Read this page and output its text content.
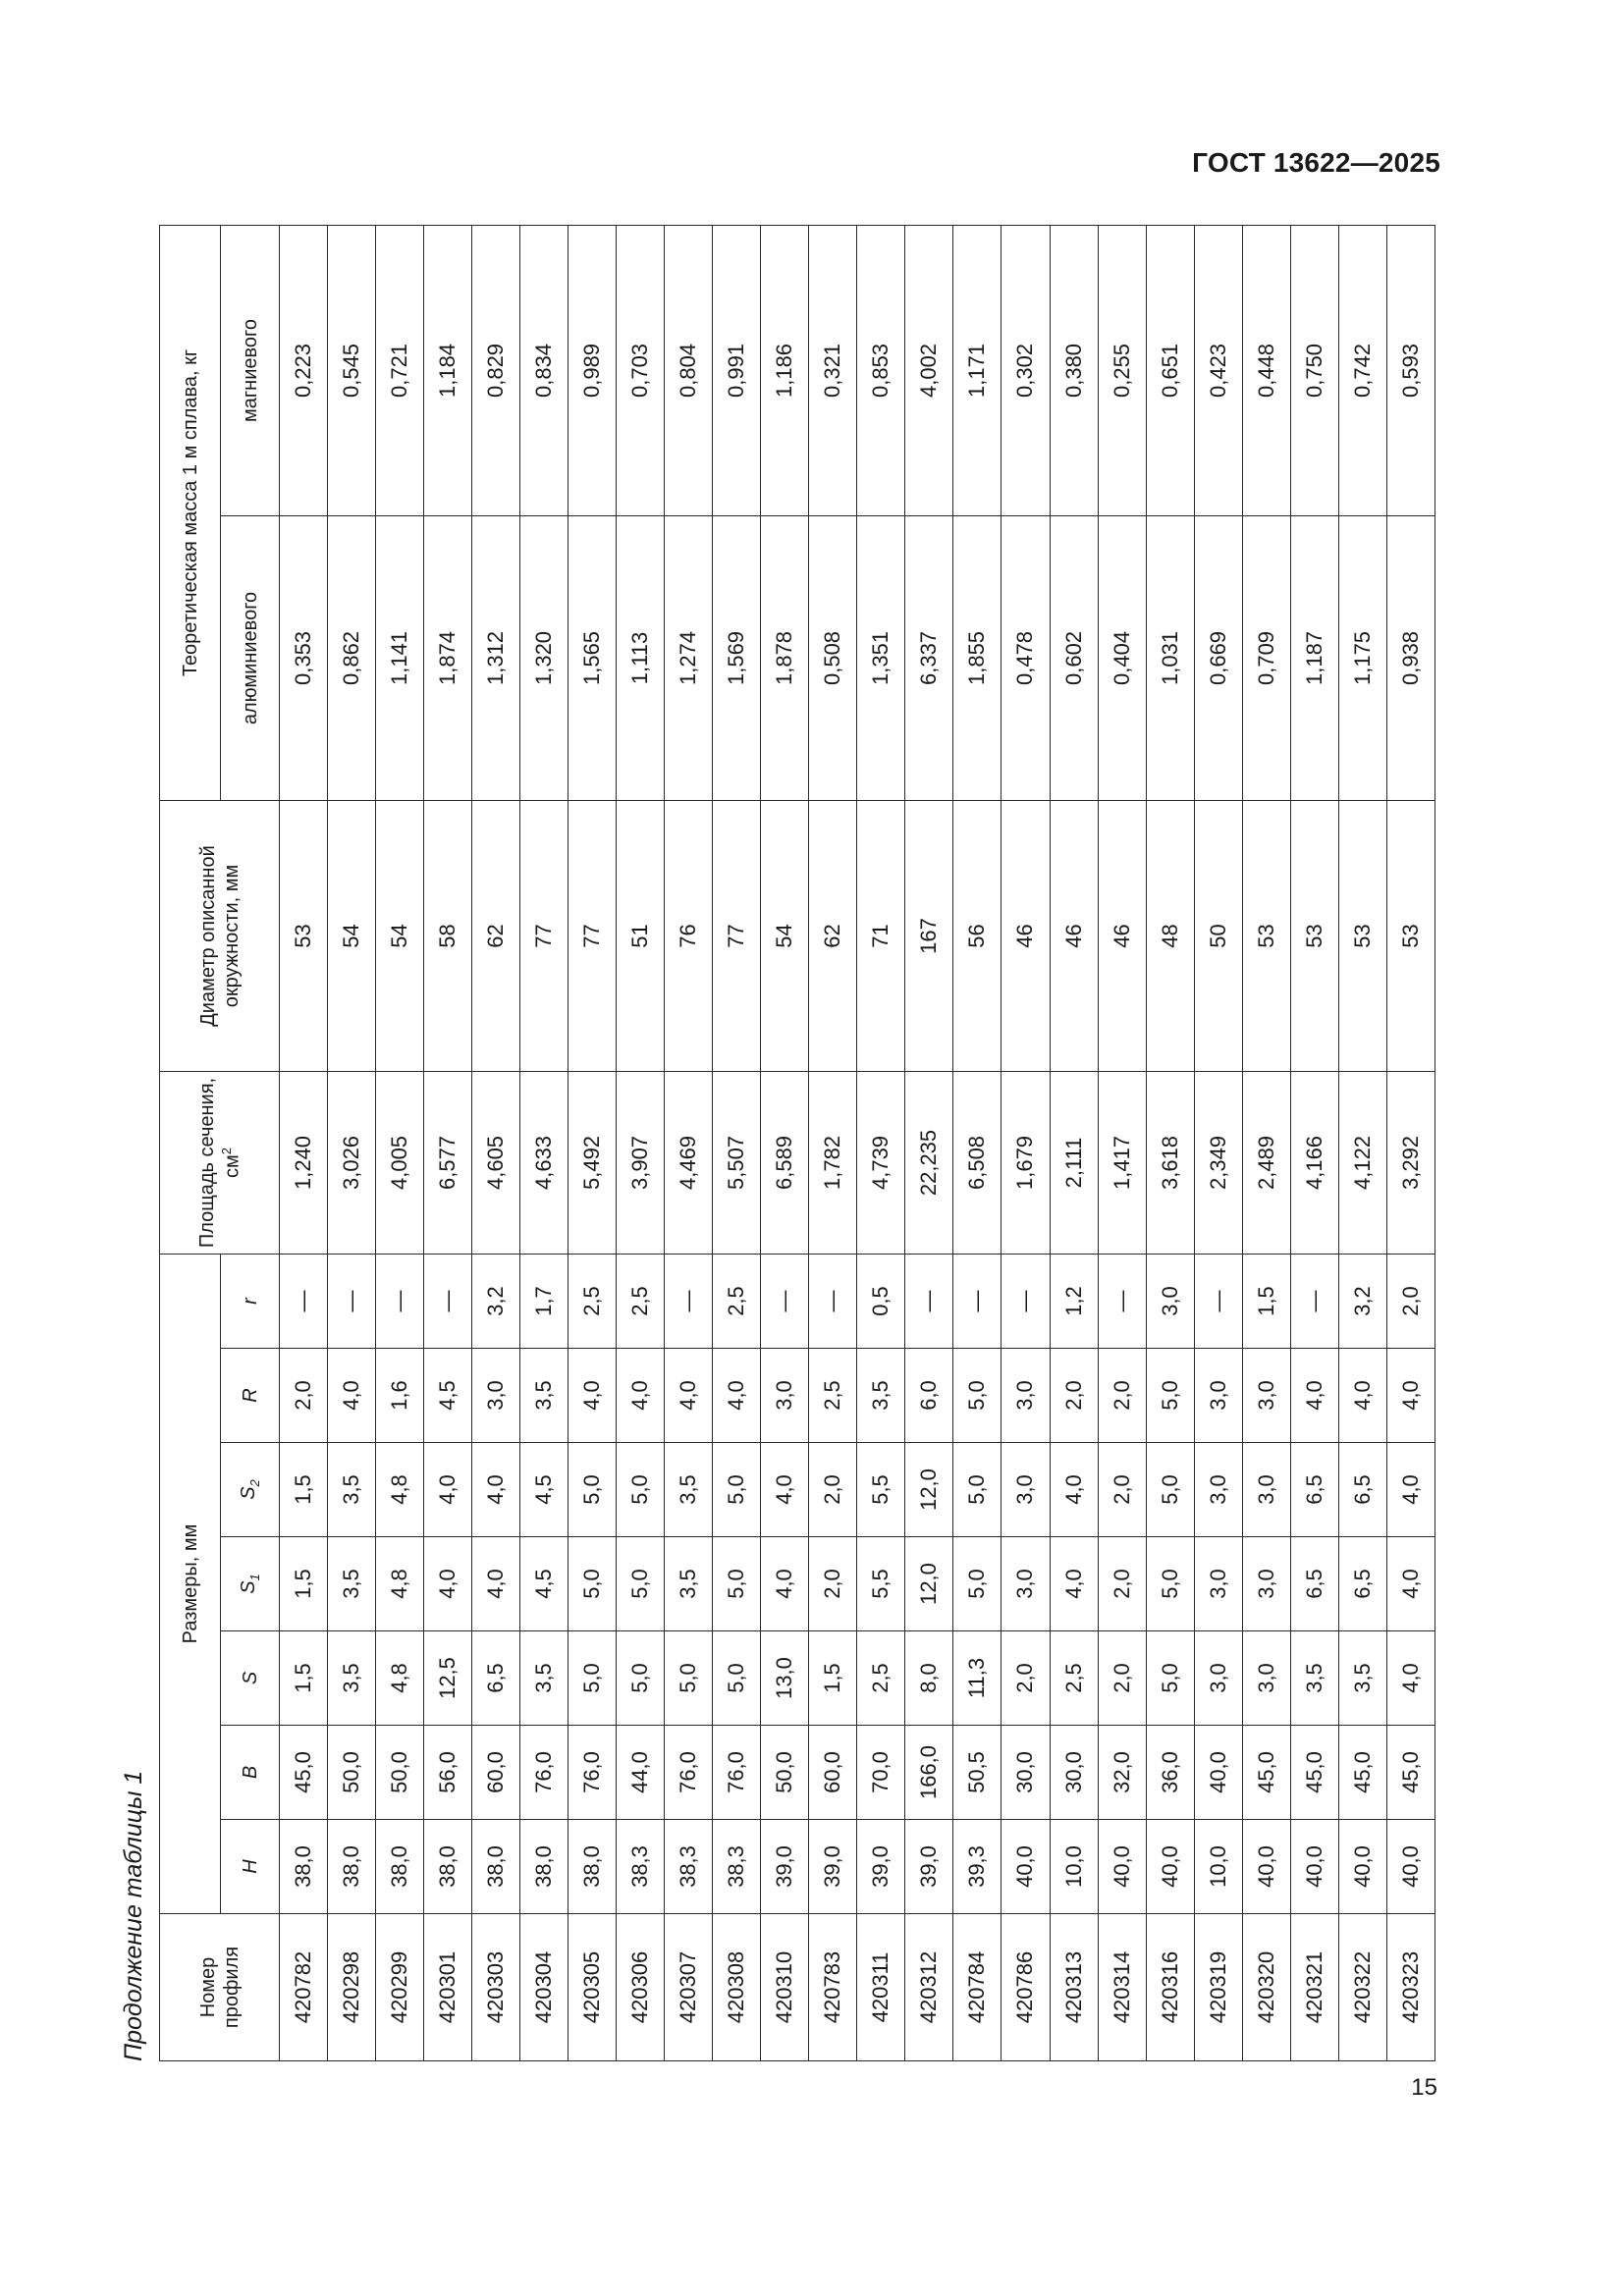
ГОСТ 13622—2025
Продолжение таблицы 1	Номер профиля	Размеры, мм							Площадь сечения, $см^2$	Диаметр описанной окружности, мм	Теоретическая масса 1 м сплава, кг	
	H	B	S	$S_1$	$S_2$	R	r			алюминиевого	магниевого
420782	38,0	45,0	1,5	1,5	1,5	2,0	—	1,240	53	0,353	0,223
420298	38,0	50,0	3,5	3,5	3,5	4,0	—	3,026	54	0,862	0,545
420299	38,0	50,0	4,8	4,8	4,8	1,6	—	4,005	54	1,141	0,721
420301	38,0	56,0	12,5	4,0	4,0	4,5	—	6,577	58	1,874	1,184
420303	38,0	60,0	6,5	4,0	4,0	3,0	3,2	4,605	62	1,312	0,829
420304	38,0	76,0	3,5	4,5	4,5	3,5	1,7	4,633	77	1,320	0,834
420305	38,0	76,0	5,0	5,0	5,0	4,0	2,5	5,492	77	1,565	0,989
420306	38,3	44,0	5,0	5,0	5,0	4,0	2,5	3,907	51	1,113	0,703
420307	38,3	76,0	5,0	3,5	3,5	4,0	—	4,469	76	1,274	0,804
420308	38,3	76,0	5,0	5,0	5,0	4,0	2,5	5,507	77	1,569	0,991
420310	39,0	50,0	13,0	4,0	4,0	3,0	—	6,589	54	1,878	1,186
420783	39,0	60,0	1,5	2,0	2,0	2,5	—	1,782	62	0,508	0,321
420311	39,0	70,0	2,5	5,5	5,5	3,5	0,5	4,739	71	1,351	0,853
420312	39,0	166,0	8,0	12,0	12,0	6,0	—	22,235	167	6,337	4,002
420784	39,3	50,5	11,3	5,0	5,0	5,0	—	6,508	56	1,855	1,171
420786	40,0	30,0	2,0	3,0	3,0	3,0	—	1,679	46	0,478	0,302
420313	10,0	30,0	2,5	4,0	4,0	2,0	1,2	2,111	46	0,602	0,380
420314	40,0	32,0	2,0	2,0	2,0	2,0	—	1,417	46	0,404	0,255
420316	40,0	36,0	5,0	5,0	5,0	5,0	3,0	3,618	48	1,031	0,651
420319	10,0	40,0	3,0	3,0	3,0	3,0	—	2,349	50	0,669	0,423
420320	40,0	45,0	3,0	3,0	3,0	3,0	1,5	2,489	53	0,709	0,448
420321	40,0	45,0	3,5	6,5	6,5	4,0	—	4,166	53	1,187	0,750
420322	40,0	45,0	3,5	6,5	6,5	4,0	3,2	4,122	53	1,175	0,742
420323	40,0	45,0	4,0	4,0	4,0	4,0	2,0	3,292	53	0,938	0,593
15
